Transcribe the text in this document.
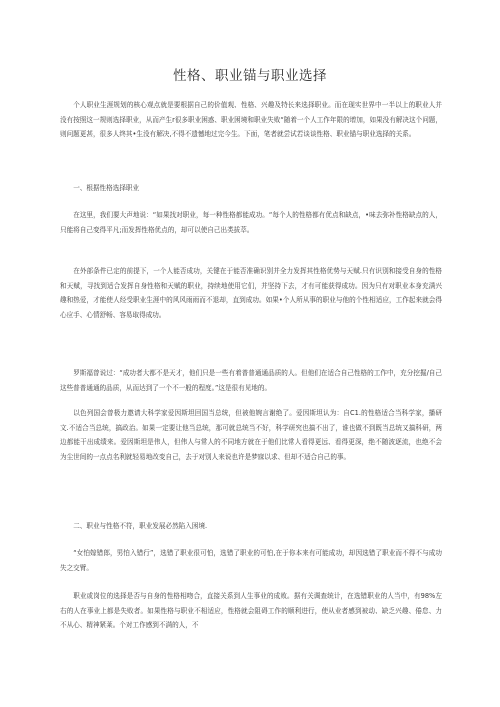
性格、职业锚与职业选择

个人职业生涯规划的核心观点就是要根据自己的价值观、性格、兴趣及特长来选择职业。而在现实世界中一半以上的职业人并没有按照这一规则选择职业，从而产生r很多职业困惑、职业困境和职业失败“随着一个人工作年限的增加，如果没有解决这个问题，则问题更甚，很多人终其•生没有解决,不得不遗憾地过完今生。下面，笔者就尝试若谈谈性格、职业锚与职业选择的关系。

一、根据性格选择职业

在这里，我们要大声地说：“如果找对职业，每一种性格都能成功。“每个人的性格都有优点和缺点，•味去弥补性格缺点的人，只能将自己变得平凡;而发挥性格优点的，却可以使自己出类拔萃。

在外部条件已定的前提下，一个人能否成功，关键在于能否准确识别并全力发挥其性格优势与天赋.只有识别和接受自身的性格和天赋，寻找到适合发挥自身性格和天赋的职业，持续地使用它们，并坚持下去，才有可能获得成功。因为只有对职业本身充满兴趣和热爱，才能使人经受职业生涯中的风风雨雨而不退却，直到成功。如果•个人所从事的职业与他的个性相适应，工作起来就会得心应手、心情舒畅、容易取得成功。

罗斯福曾说过：“成功者大都不是天才，他们只是一些有着普普通通品质的人。但他们在适合自己性格的工作中，充分挖掘/自己这些普普通通的品质，从而达到了一个不一般的程度。”这是很有见地的。

以色列国会曾极力邀请大科学家爱因斯坦回国当总统，但被他婉言谢绝了。爱因斯坦认为：自C1.的性格适合当科学家，播研文.不适合当总统，搞政治。如果一定要让他当总统，那可就总统当不好，科学研究也搞不出了，谁也做不到既当总统又搞科研，两边都能干出成绩来。爱因斯坦是伟人，但伟人与常人的不同地方就在于他们比常人看得更远、看得更深，绝不随波逐流，也绝不会为尘世间的一点点名利就轻易地改变自己，去于对别人来说也许是梦寐以求、但却不适合自己的事。

二、职业与性格不符，职业发展必然陷入困境.

“女怕嫁错郎，男怕入错行”，选错了职业很可怕，选错了职业的可怕,在于你本来有可能成功，却因选错了职业而不得不与成功失之交臂。

职业或岗位的选择是否与自身的性格相吻合，直接关系到人生事业的成败。据有关调查统计，在选错职业的人当中，有98%左右的人在事业上都是失败者。如果性格与职业不相适应，性格就会阻碍工作的顺利进行，使从业者感到被动、缺乏兴趣、倦怠、力不从心、精神紧莱。个对工作感到不满的人，不
